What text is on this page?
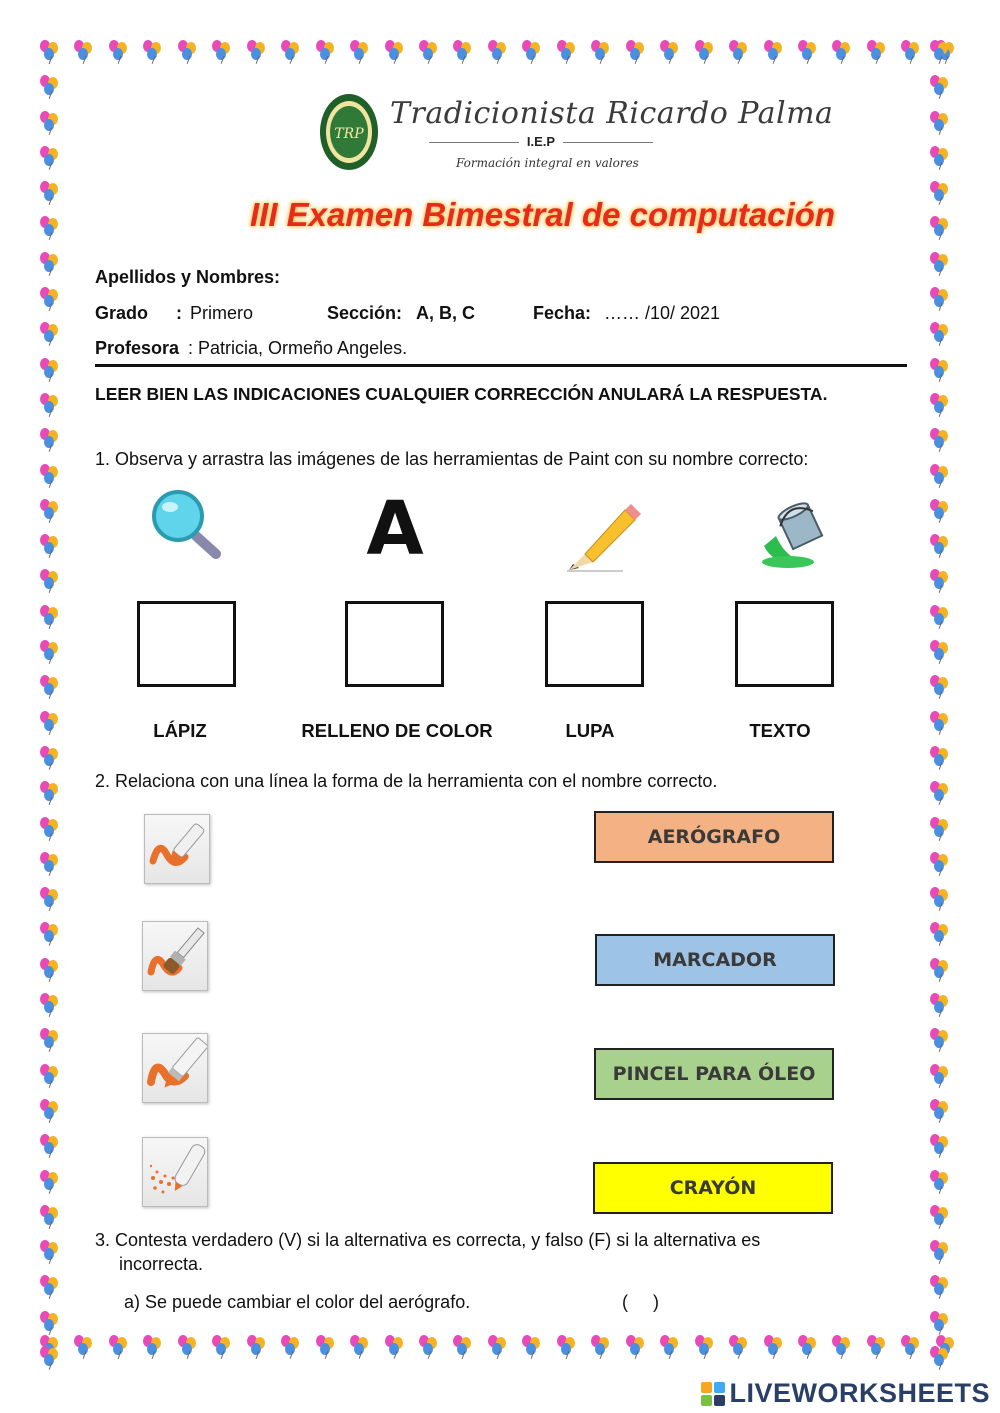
TRP
Tradicionista Ricardo Palma
I.E.P
Formación integral en valores
III Examen Bimestral de computación
Apellidos y Nombres:
Grado : Primero	Sección: A, B, C	Fecha: …… /10/ 2021
Profesora : Patricia, Ormeño Angeles.
LEER BIEN LAS INDICACIONES CUALQUIER CORRECCIÓN ANULARÁ LA RESPUESTA.
1. Observa y arrastra las imágenes de las herramientas de Paint con su nombre correcto:
A
LÁPIZ	RELLENO DE COLOR	LUPA	TEXTO
2. Relaciona con una línea la forma de la herramienta con el nombre correcto.
AERÓGRAFO
MARCADOR
PINCEL PARA ÓLEO
CRAYÓN
3. Contesta verdadero (V) si la alternativa es correcta, y falso (F) si la alternativa es
incorrecta.
a) Se puede cambiar el color del aerógrafo.	(     )
LIVEWORKSHEETS
